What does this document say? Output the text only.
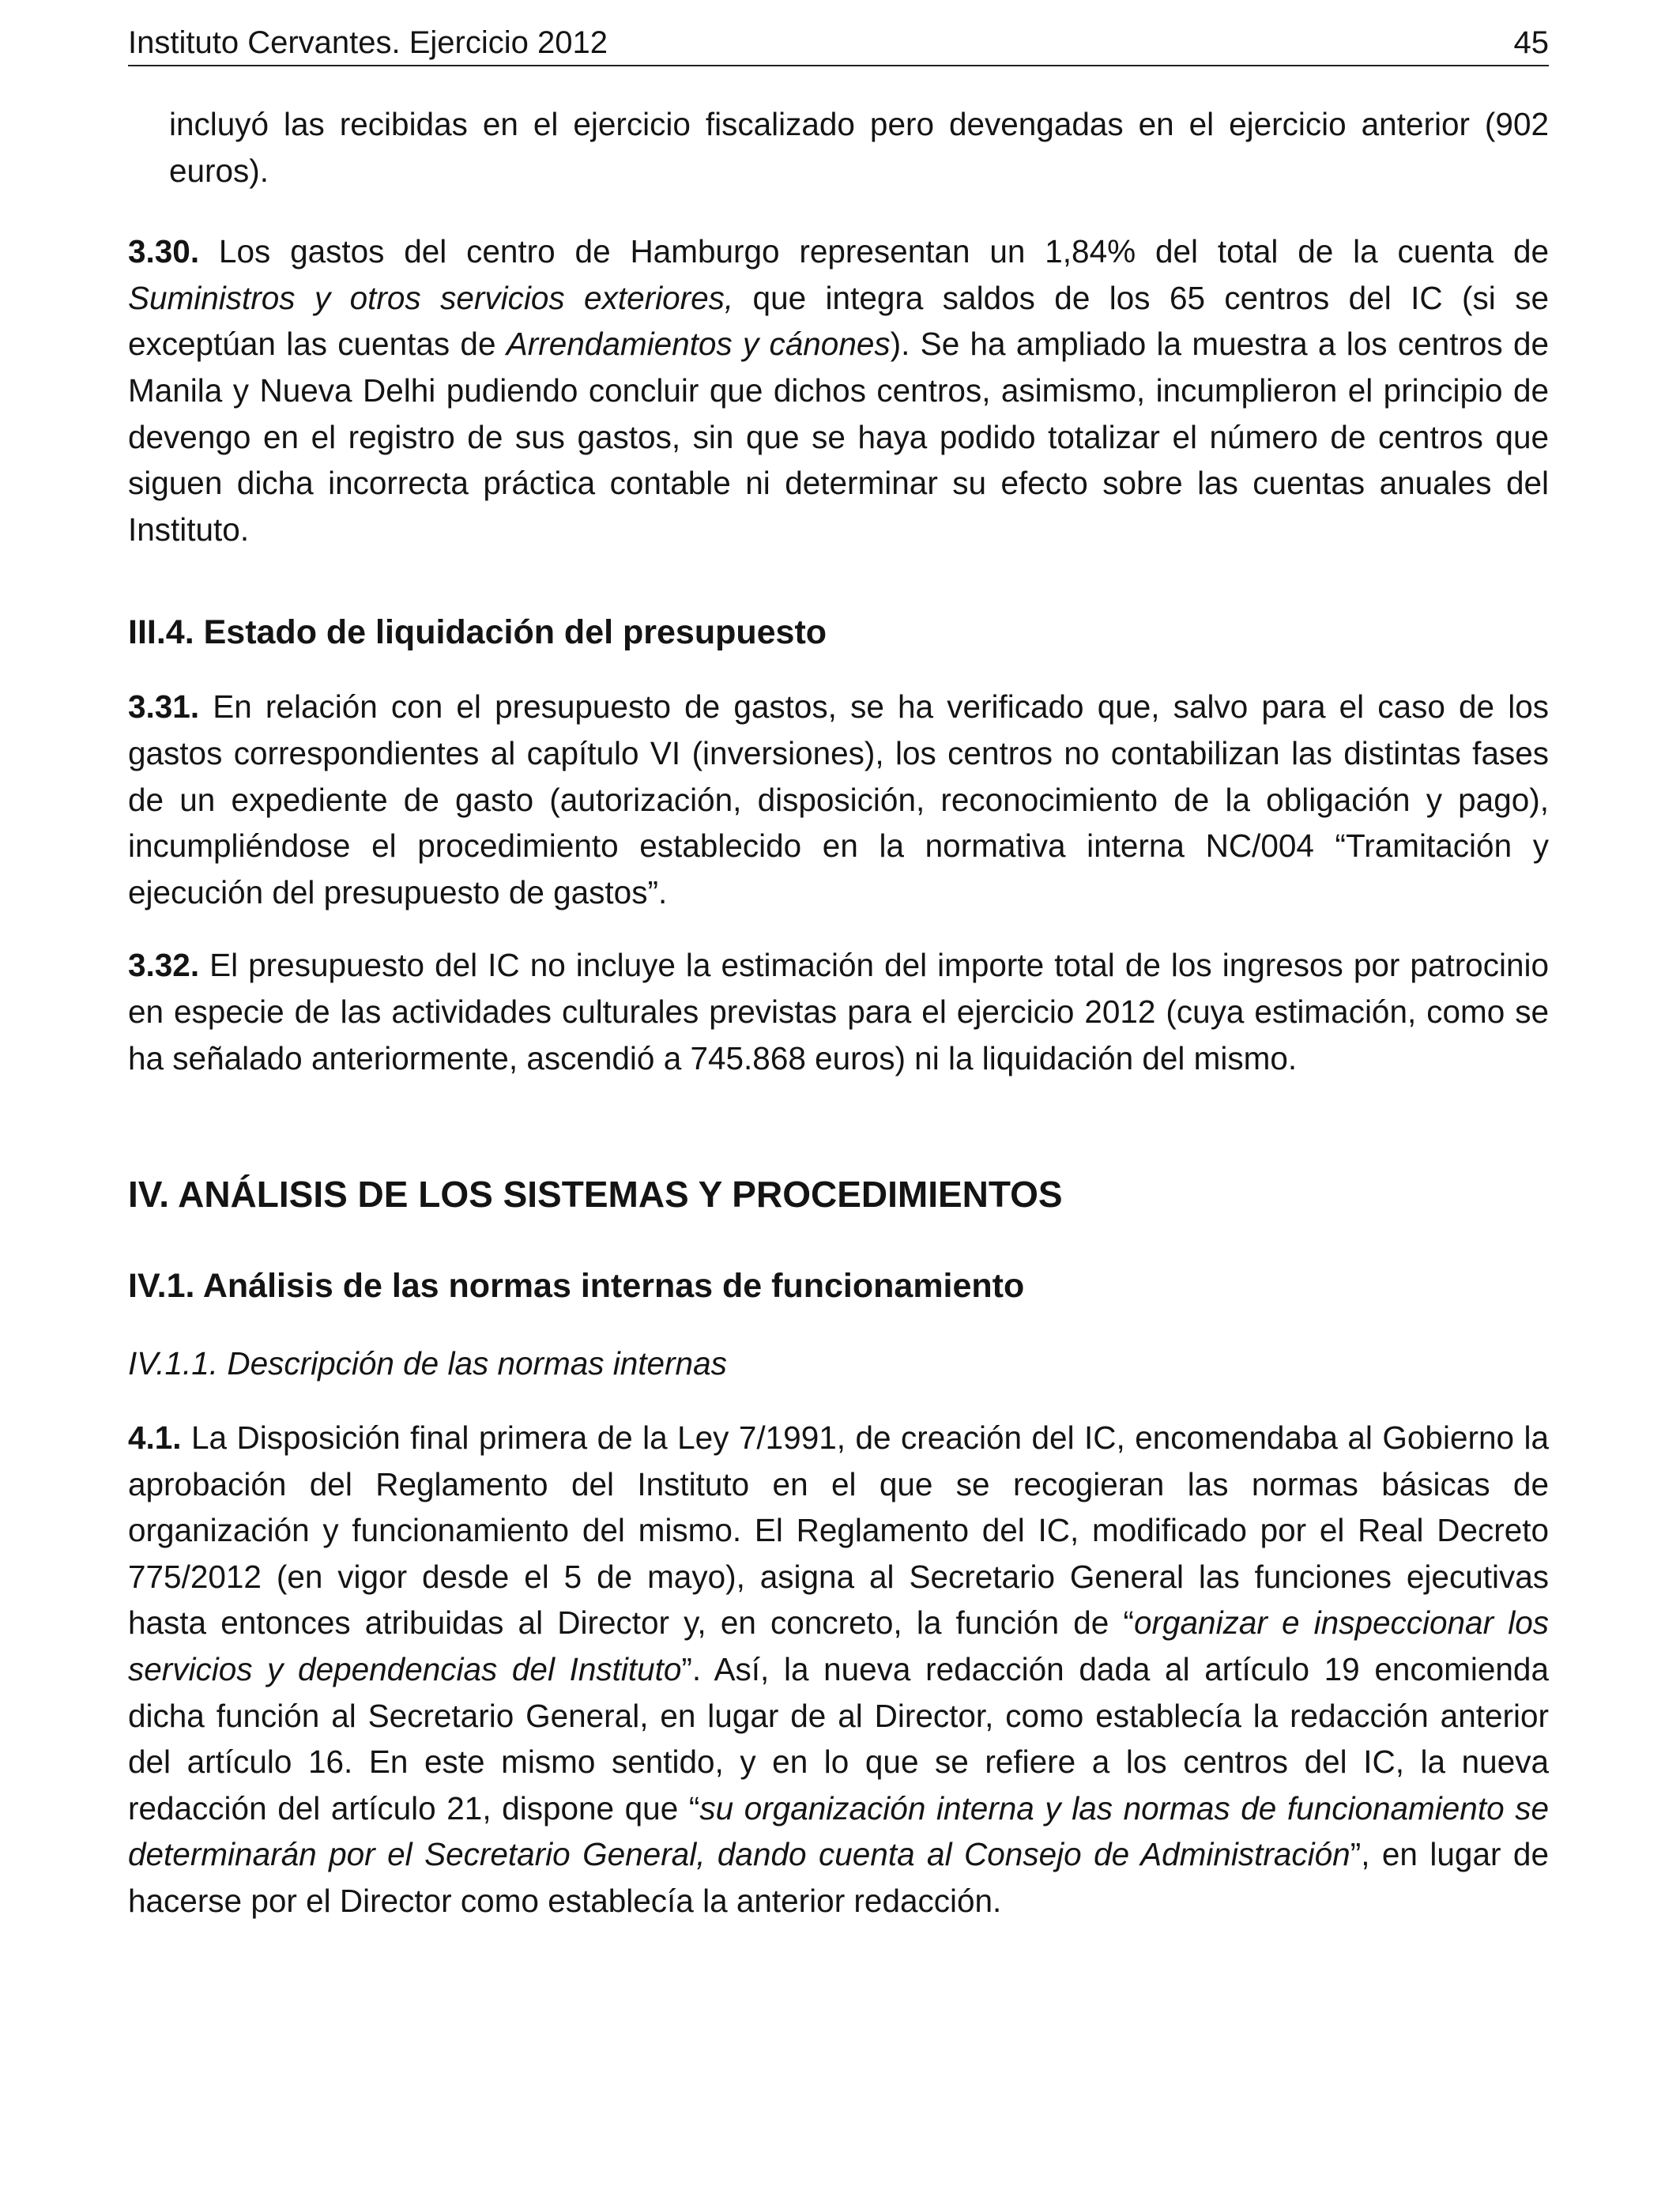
Instituto Cervantes. Ejercicio 2012	45

incluyó las recibidas en el ejercicio fiscalizado pero devengadas en el ejercicio anterior (902 euros).

3.30. Los gastos del centro de Hamburgo representan un 1,84% del total de la cuenta de Suministros y otros servicios exteriores, que integra saldos de los 65 centros del IC (si se exceptúan las cuentas de Arrendamientos y cánones). Se ha ampliado la muestra a los centros de Manila y Nueva Delhi pudiendo concluir que dichos centros, asimismo, incumplieron el principio de devengo en el registro de sus gastos, sin que se haya podido totalizar el número de centros que siguen dicha incorrecta práctica contable ni determinar su efecto sobre las cuentas anuales del Instituto.

III.4. Estado de liquidación del presupuesto

3.31. En relación con el presupuesto de gastos, se ha verificado que, salvo para el caso de los gastos correspondientes al capítulo VI (inversiones), los centros no contabilizan las distintas fases de un expediente de gasto (autorización, disposición, reconocimiento de la obligación y pago), incumpliéndose el procedimiento establecido en la normativa interna NC/004 “Tramitación y ejecución del presupuesto de gastos”.

3.32. El presupuesto del IC no incluye la estimación del importe total de los ingresos por patrocinio en especie de las actividades culturales previstas para el ejercicio 2012 (cuya estimación, como se ha señalado anteriormente, ascendió a 745.868 euros) ni la liquidación del mismo.

IV. ANÁLISIS DE LOS SISTEMAS Y PROCEDIMIENTOS
IV.1. Análisis de las normas internas de funcionamiento
IV.1.1. Descripción de las normas internas

4.1. La Disposición final primera de la Ley 7/1991, de creación del IC, encomendaba al Gobierno la aprobación del Reglamento del Instituto en el que se recogieran las normas básicas de organización y funcionamiento del mismo. El Reglamento del IC, modificado por el Real Decreto 775/2012 (en vigor desde el 5 de mayo), asigna al Secretario General las funciones ejecutivas hasta entonces atribuidas al Director y, en concreto, la función de “organizar e inspeccionar los servicios y dependencias del Instituto”. Así, la nueva redacción dada al artículo 19 encomienda dicha función al Secretario General, en lugar de al Director, como establecía la redacción anterior del artículo 16. En este mismo sentido, y en lo que se refiere a los centros del IC, la nueva redacción del artículo 21, dispone que “su organización interna y las normas de funcionamiento se determinarán por el Secretario General, dando cuenta al Consejo de Administración”, en lugar de hacerse por el Director como establecía la anterior redacción.
